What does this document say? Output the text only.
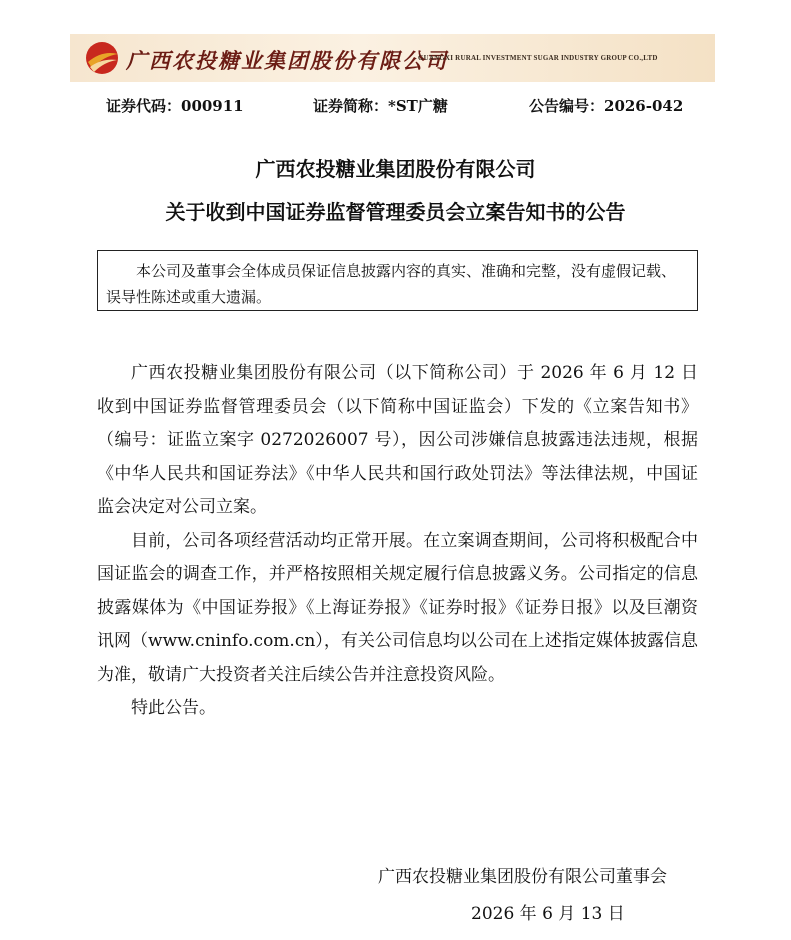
广西农投糖业集团股份有限公司
GUANGXI RURAL INVESTMENT SUGAR INDUSTRY GROUP CO.,LTD
证券代码：000911	证券简称：*ST广糖	公告编号：2026-042
广西农投糖业集团股份有限公司
关于收到中国证券监督管理委员会立案告知书的公告

本公司及董事会全体成员保证信息披露内容的真实、准确和完整，没有虚假记载、误导性陈述或重大遗漏。

广西农投糖业集团股份有限公司（以下简称公司）于 2026 年 6 月 12 日收到中国证券监督管理委员会（以下简称中国证监会）下发的《立案告知书》（编号：证监立案字 0272026007 号），因公司涉嫌信息披露违法违规，根据《中华人民共和国证券法》《中华人民共和国行政处罚法》等法律法规，中国证监会决定对公司立案。

目前，公司各项经营活动均正常开展。在立案调查期间，公司将积极配合中国证监会的调查工作，并严格按照相关规定履行信息披露义务。公司指定的信息披露媒体为《中国证券报》《上海证券报》《证券时报》《证券日报》以及巨潮资讯网（www.cninfo.com.cn），有关公司信息均以公司在上述指定媒体披露信息为准，敬请广大投资者关注后续公告并注意投资风险。

特此公告。

广西农投糖业集团股份有限公司董事会
2026 年 6 月 13 日
